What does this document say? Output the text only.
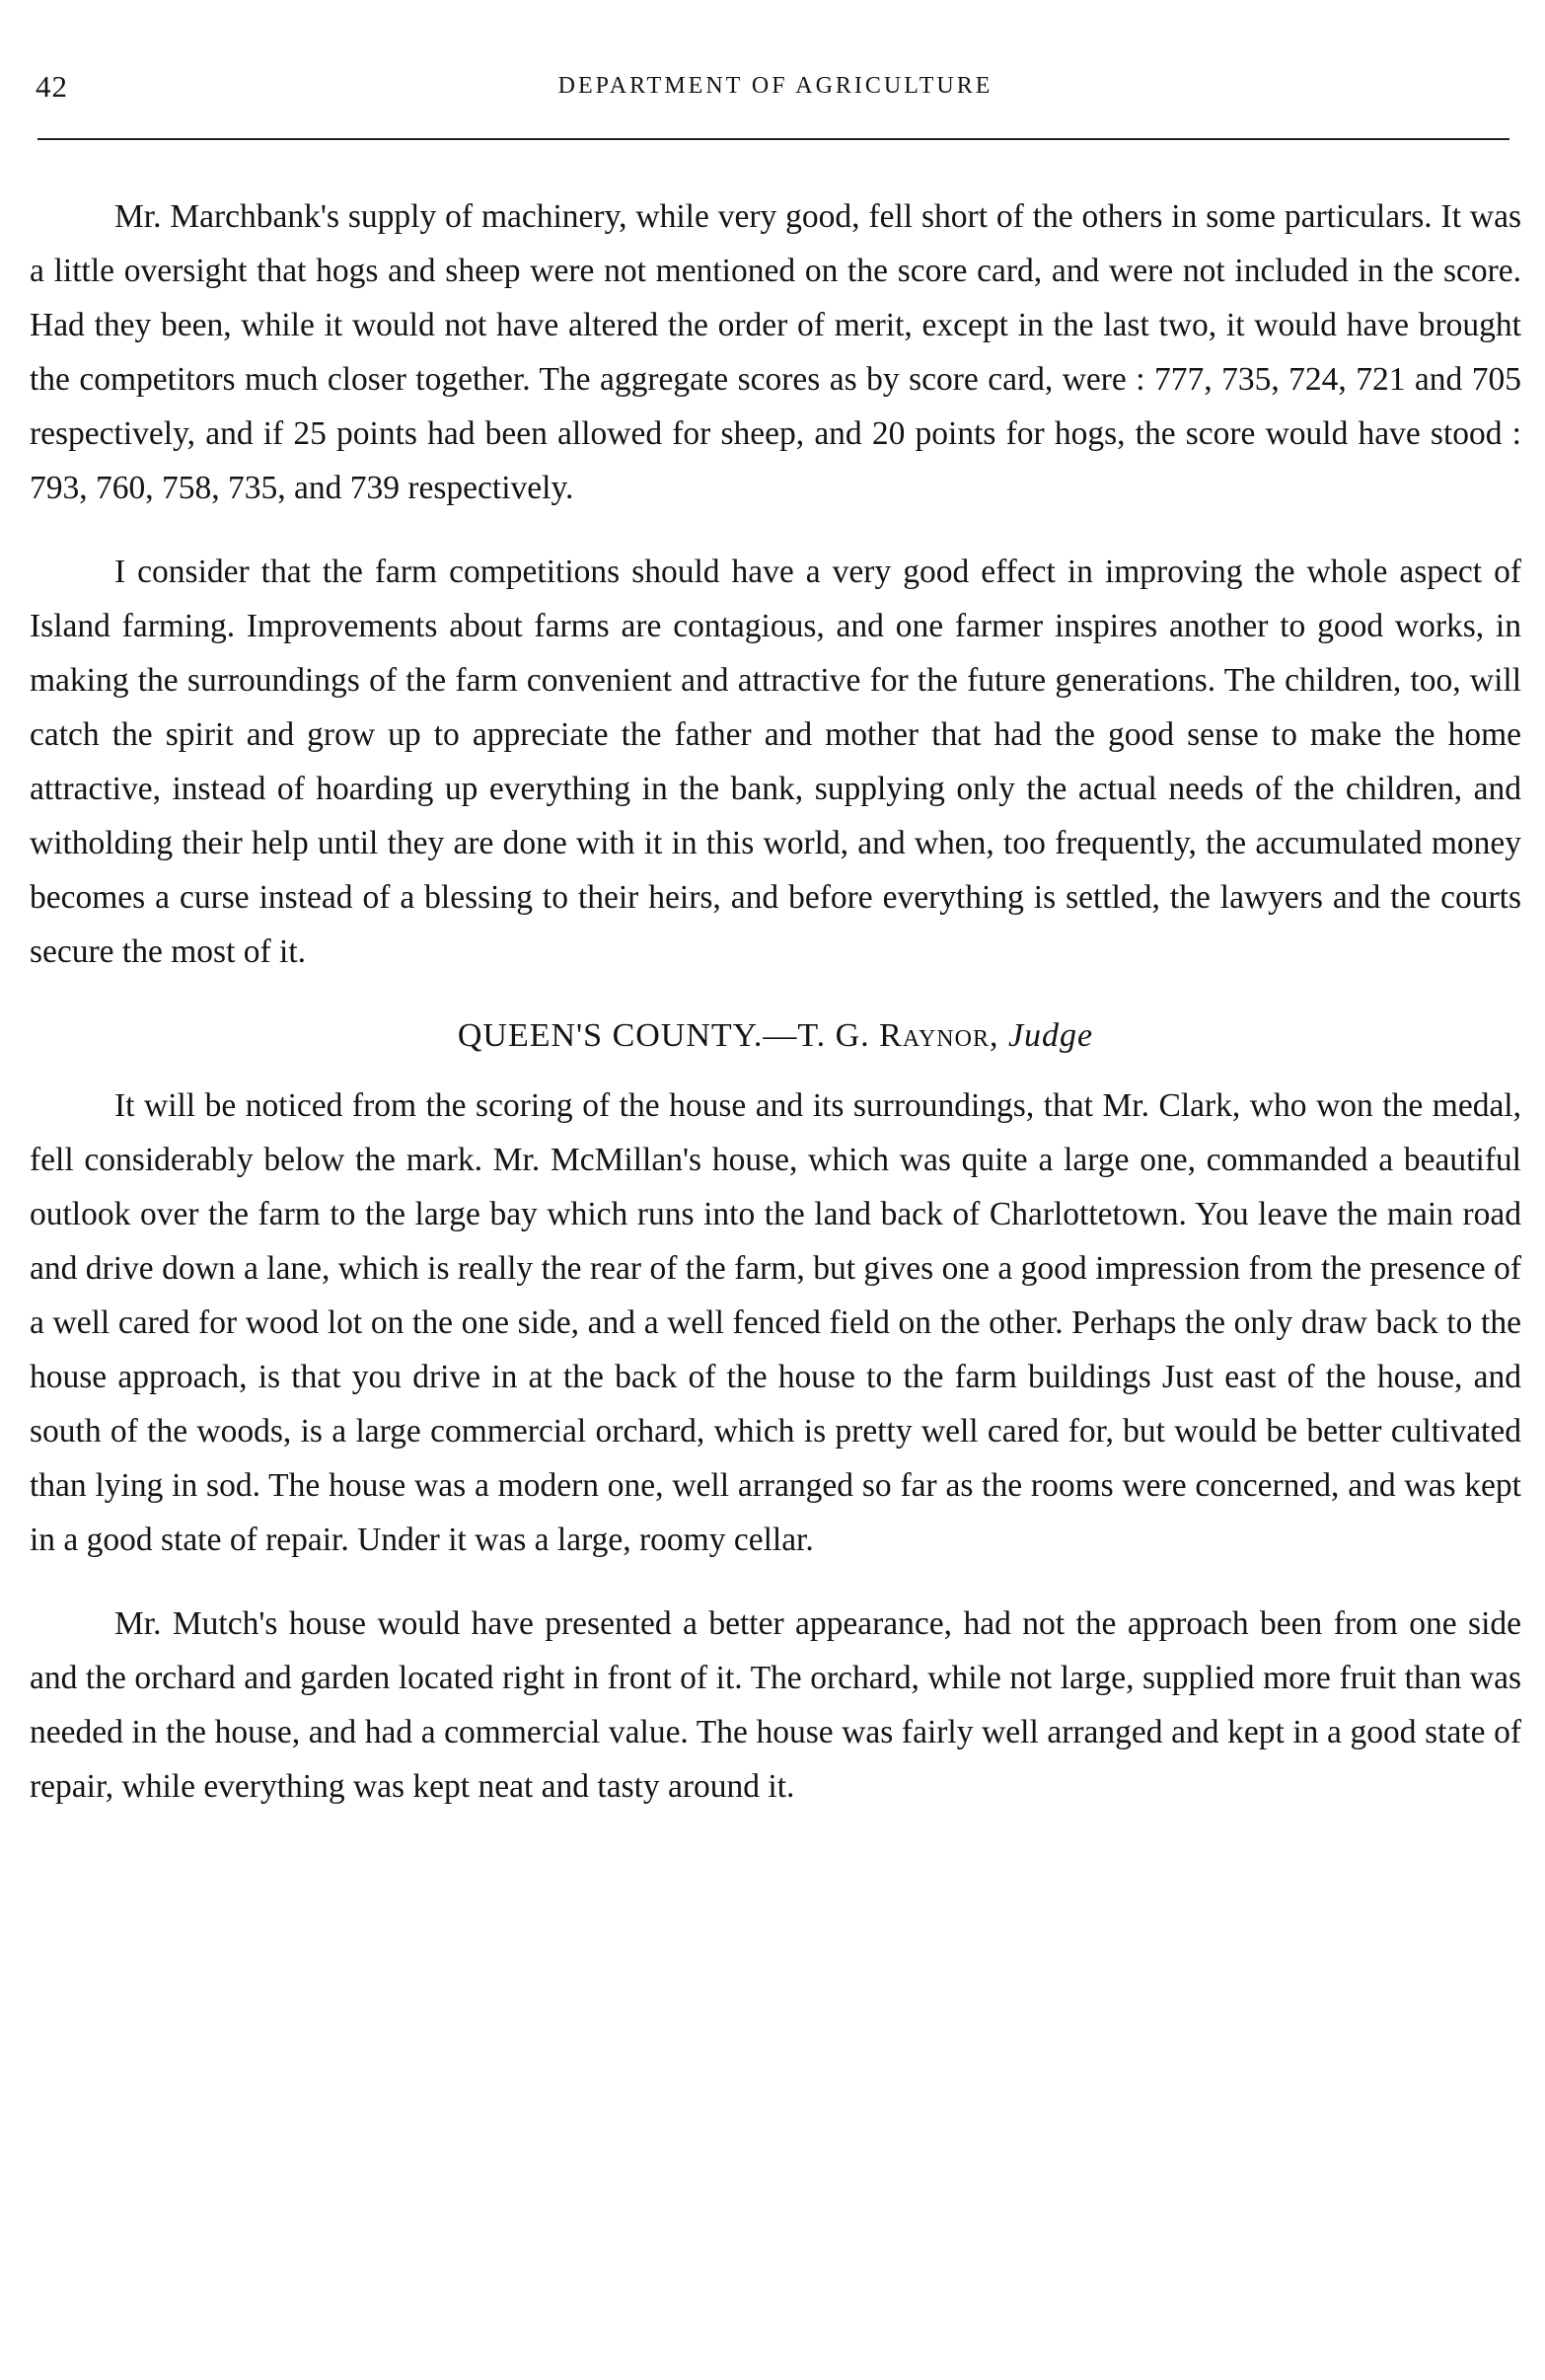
42	DEPARTMENT OF AGRICULTURE

Mr. Marchbank's supply of machinery, while very good, fell short of the others in some particulars. It was a little oversight that hogs and sheep were not mentioned on the score card, and were not included in the score. Had they been, while it would not have altered the order of merit, except in the last two, it would have brought the competitors much closer together. The aggregate scores as by score card, were : 777, 735, 724, 721 and 705 respectively, and if 25 points had been allowed for sheep, and 20 points for hogs, the score would have stood : 793, 760, 758, 735, and 739 respectively.

I consider that the farm competitions should have a very good effect in improving the whole aspect of Island farming. Improvements about farms are contagious, and one farmer inspires another to good works, in making the surroundings of the farm convenient and attractive for the future generations. The children, too, will catch the spirit and grow up to appreciate the father and mother that had the good sense to make the home attractive, instead of hoarding up everything in the bank, supplying only the actual needs of the children, and witholding their help until they are done with it in this world, and when, too frequently, the accumulated money becomes a curse instead of a blessing to their heirs, and before everything is settled, the lawyers and the courts secure the most of it.

QUEEN'S COUNTY.—T. G. Raynor, Judge

It will be noticed from the scoring of the house and its surroundings, that Mr. Clark, who won the medal, fell considerably below the mark. Mr. McMillan's house, which was quite a large one, commanded a beautiful outlook over the farm to the large bay which runs into the land back of Charlottetown. You leave the main road and drive down a lane, which is really the rear of the farm, but gives one a good impression from the presence of a well cared for wood lot on the one side, and a well fenced field on the other. Perhaps the only draw back to the house approach, is that you drive in at the back of the house to the farm buildings Just east of the house, and south of the woods, is a large commercial orchard, which is pretty well cared for, but would be better cultivated than lying in sod. The house was a modern one, well arranged so far as the rooms were concerned, and was kept in a good state of repair. Under it was a large, roomy cellar.

Mr. Mutch's house would have presented a better appearance, had not the approach been from one side and the orchard and garden located right in front of it. The orchard, while not large, supplied more fruit than was needed in the house, and had a commercial value. The house was fairly well arranged and kept in a good state of repair, while everything was kept neat and tasty around it.
